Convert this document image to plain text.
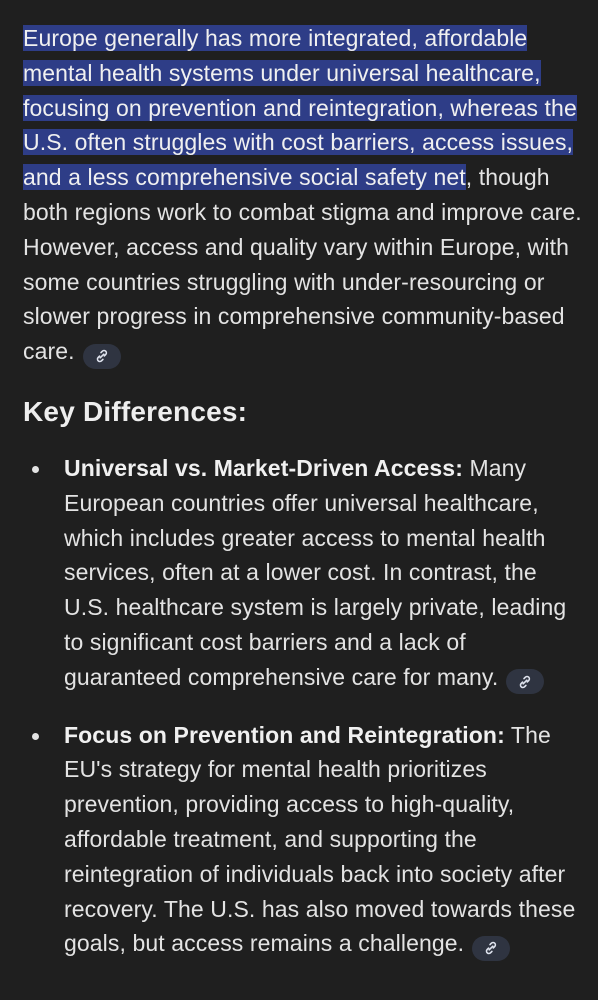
Europe generally has more integrated, affordable mental health systems under universal healthcare, focusing on prevention and reintegration, whereas the U.S. often struggles with cost barriers, access issues, and a less comprehensive social safety net, though both regions work to combat stigma and improve care. However, access and quality vary within Europe, with some countries struggling with under-resourcing or slower progress in comprehensive community-based care.
Key Differences:
Universal vs. Market-Driven Access: Many European countries offer universal healthcare, which includes greater access to mental health services, often at a lower cost. In contrast, the U.S. healthcare system is largely private, leading to significant cost barriers and a lack of guaranteed comprehensive care for many.
Focus on Prevention and Reintegration: The EU's strategy for mental health prioritizes prevention, providing access to high-quality, affordable treatment, and supporting the reintegration of individuals back into society after recovery. The U.S. has also moved towards these goals, but access remains a challenge.
